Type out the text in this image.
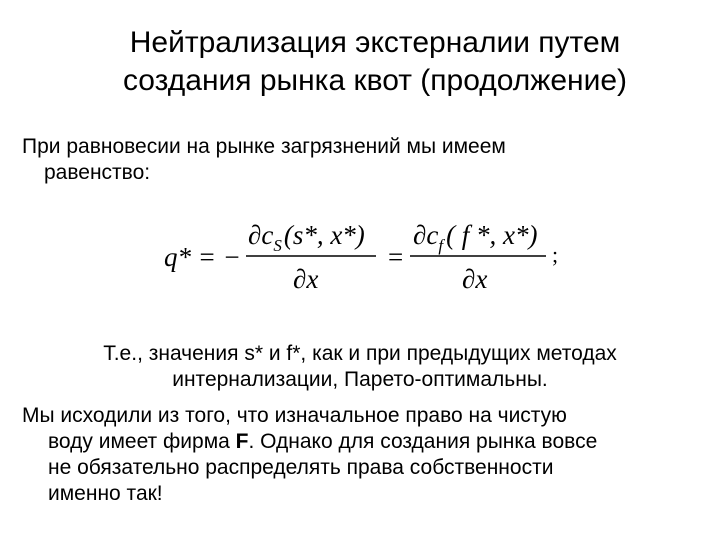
Нейтрализация экстерналии путем
создания рынка квот (продолжение)
При равновесии на рынке загрязнений мы имеем
равенство:
q* = −
$\partial c_S(s*$, x*)
∂x
=
$\partial c_f$ ( f *, x*)
∂x
;
Т.е., значения s* и f*, как и при предыдущих методах
интернализации, Парето-оптимальны.
Мы исходили из того, что изначальное право на чистую
воду имеет фирма F. Однако для создания рынка вовсе
не обязательно распределять права собственности
именно так!
